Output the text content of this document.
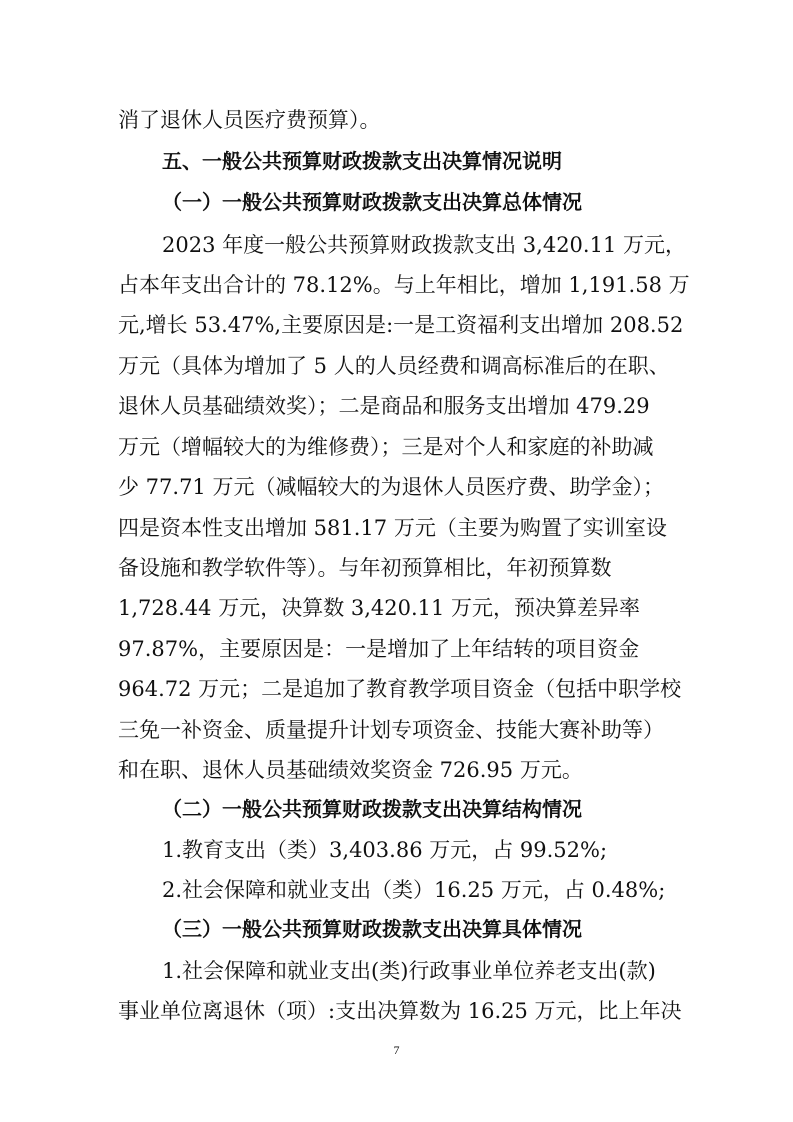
消了退休人员医疗费预算）。
五、一般公共预算财政拨款支出决算情况说明
（一）一般公共预算财政拨款支出决算总体情况
2023 年度一般公共预算财政拨款支出 3,420.11 万元，
占本年支出合计的 78.12%。与上年相比，增加 1,191.58 万
元,增长 53.47%,主要原因是:一是工资福利支出增加 208.52
万元（具体为增加了 5 人的人员经费和调高标准后的在职、
退休人员基础绩效奖）；二是商品和服务支出增加 479.29
万元（增幅较大的为维修费）；三是对个人和家庭的补助减
少 77.71 万元（减幅较大的为退休人员医疗费、助学金）；
四是资本性支出增加 581.17 万元（主要为购置了实训室设
备设施和教学软件等）。与年初预算相比，年初预算数
1,728.44 万元，决算数 3,420.11 万元，预决算差异率
97.87%，主要原因是：一是增加了上年结转的项目资金
964.72 万元；二是追加了教育教学项目资金（包括中职学校
三免一补资金、质量提升计划专项资金、技能大赛补助等）
和在职、退休人员基础绩效奖资金 726.95 万元。
（二）一般公共预算财政拨款支出决算结构情况
1.教育支出（类）3,403.86 万元，占 99.52%;
2.社会保障和就业支出（类）16.25 万元，占 0.48%;
（三）一般公共预算财政拨款支出决算具体情况
1.社会保障和就业支出(类)行政事业单位养老支出(款)
事业单位离退休（项）:支出决算数为 16.25 万元，比上年决
7
